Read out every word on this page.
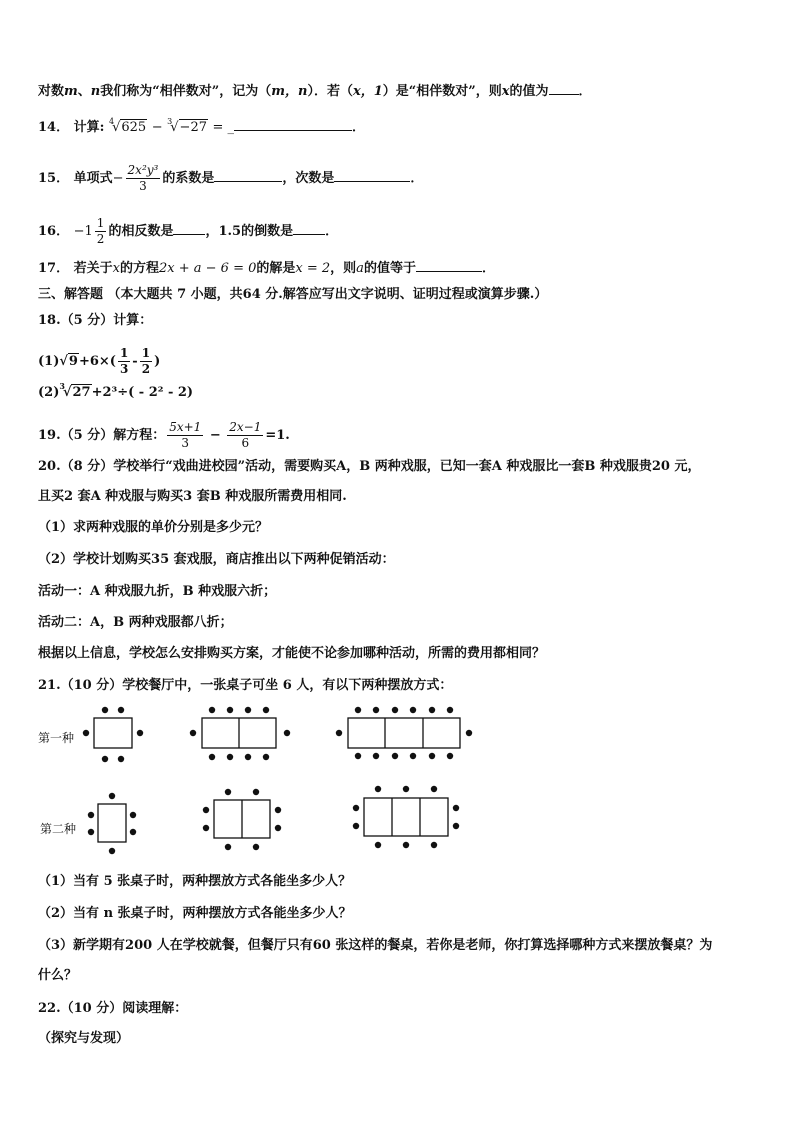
对数m、n我们称为“相伴数对”，记为（m，n）．若（x，1）是“相伴数对”，则x的值为 ．
14． 计算: $^4$√625 − $^3$√−27 = _	．
15． 单项式− $\frac{\text{2x²y³}}{3}$ 的系数是	，次数是	．
16． $-1 \frac{1}{2}$ 的相反数是 ，1.5的倒数是 ．
17． 若关于x的方程2x + a − 6 = 0的解是x = 2，则a的值等于	．
三、解答题 （本大题共 7 小题，共64 分.解答应写出文字说明、证明过程或演算步骤.）
18.（5 分）计算：
$(1)√9+6\times( \frac{1}{3} - \frac{1}{2}$ )
$(2)^3√27+2^3\div( - 2^2 - 2)$
19.（5 分）解方程： $\frac{5x+1}{3} - \frac{2x-1}{6} =1$.
20.（8 分）学校举行“戏曲进校园”活动，需要购买A，B 两种戏服，已知一套A 种戏服比一套B 种戏服贵20 元，
且买2 套A 种戏服与购买3 套B 种戏服所需费用相同.
（1）求两种戏服的单价分别是多少元？
（2）学校计划购买35 套戏服，商店推出以下两种促销活动：
活动一：A 种戏服九折，B 种戏服六折；
活动二：A，B 两种戏服都八折；
根据以上信息，学校怎么安排购买方案，才能使不论参加哪种活动，所需的费用都相同？
21.（10 分）学校餐厅中，一张桌子可坐 6 人，有以下两种摆放方式：
第一种
第二种
（1）当有 5 张桌子时，两种摆放方式各能坐多少人？
（2）当有 n 张桌子时，两种摆放方式各能坐多少人？
（3）新学期有200 人在学校就餐，但餐厅只有60 张这样的餐桌，若你是老师，你打算选择哪种方式来摆放餐桌？为
什么？
22.（10 分）阅读理解：
（探究与发现）
